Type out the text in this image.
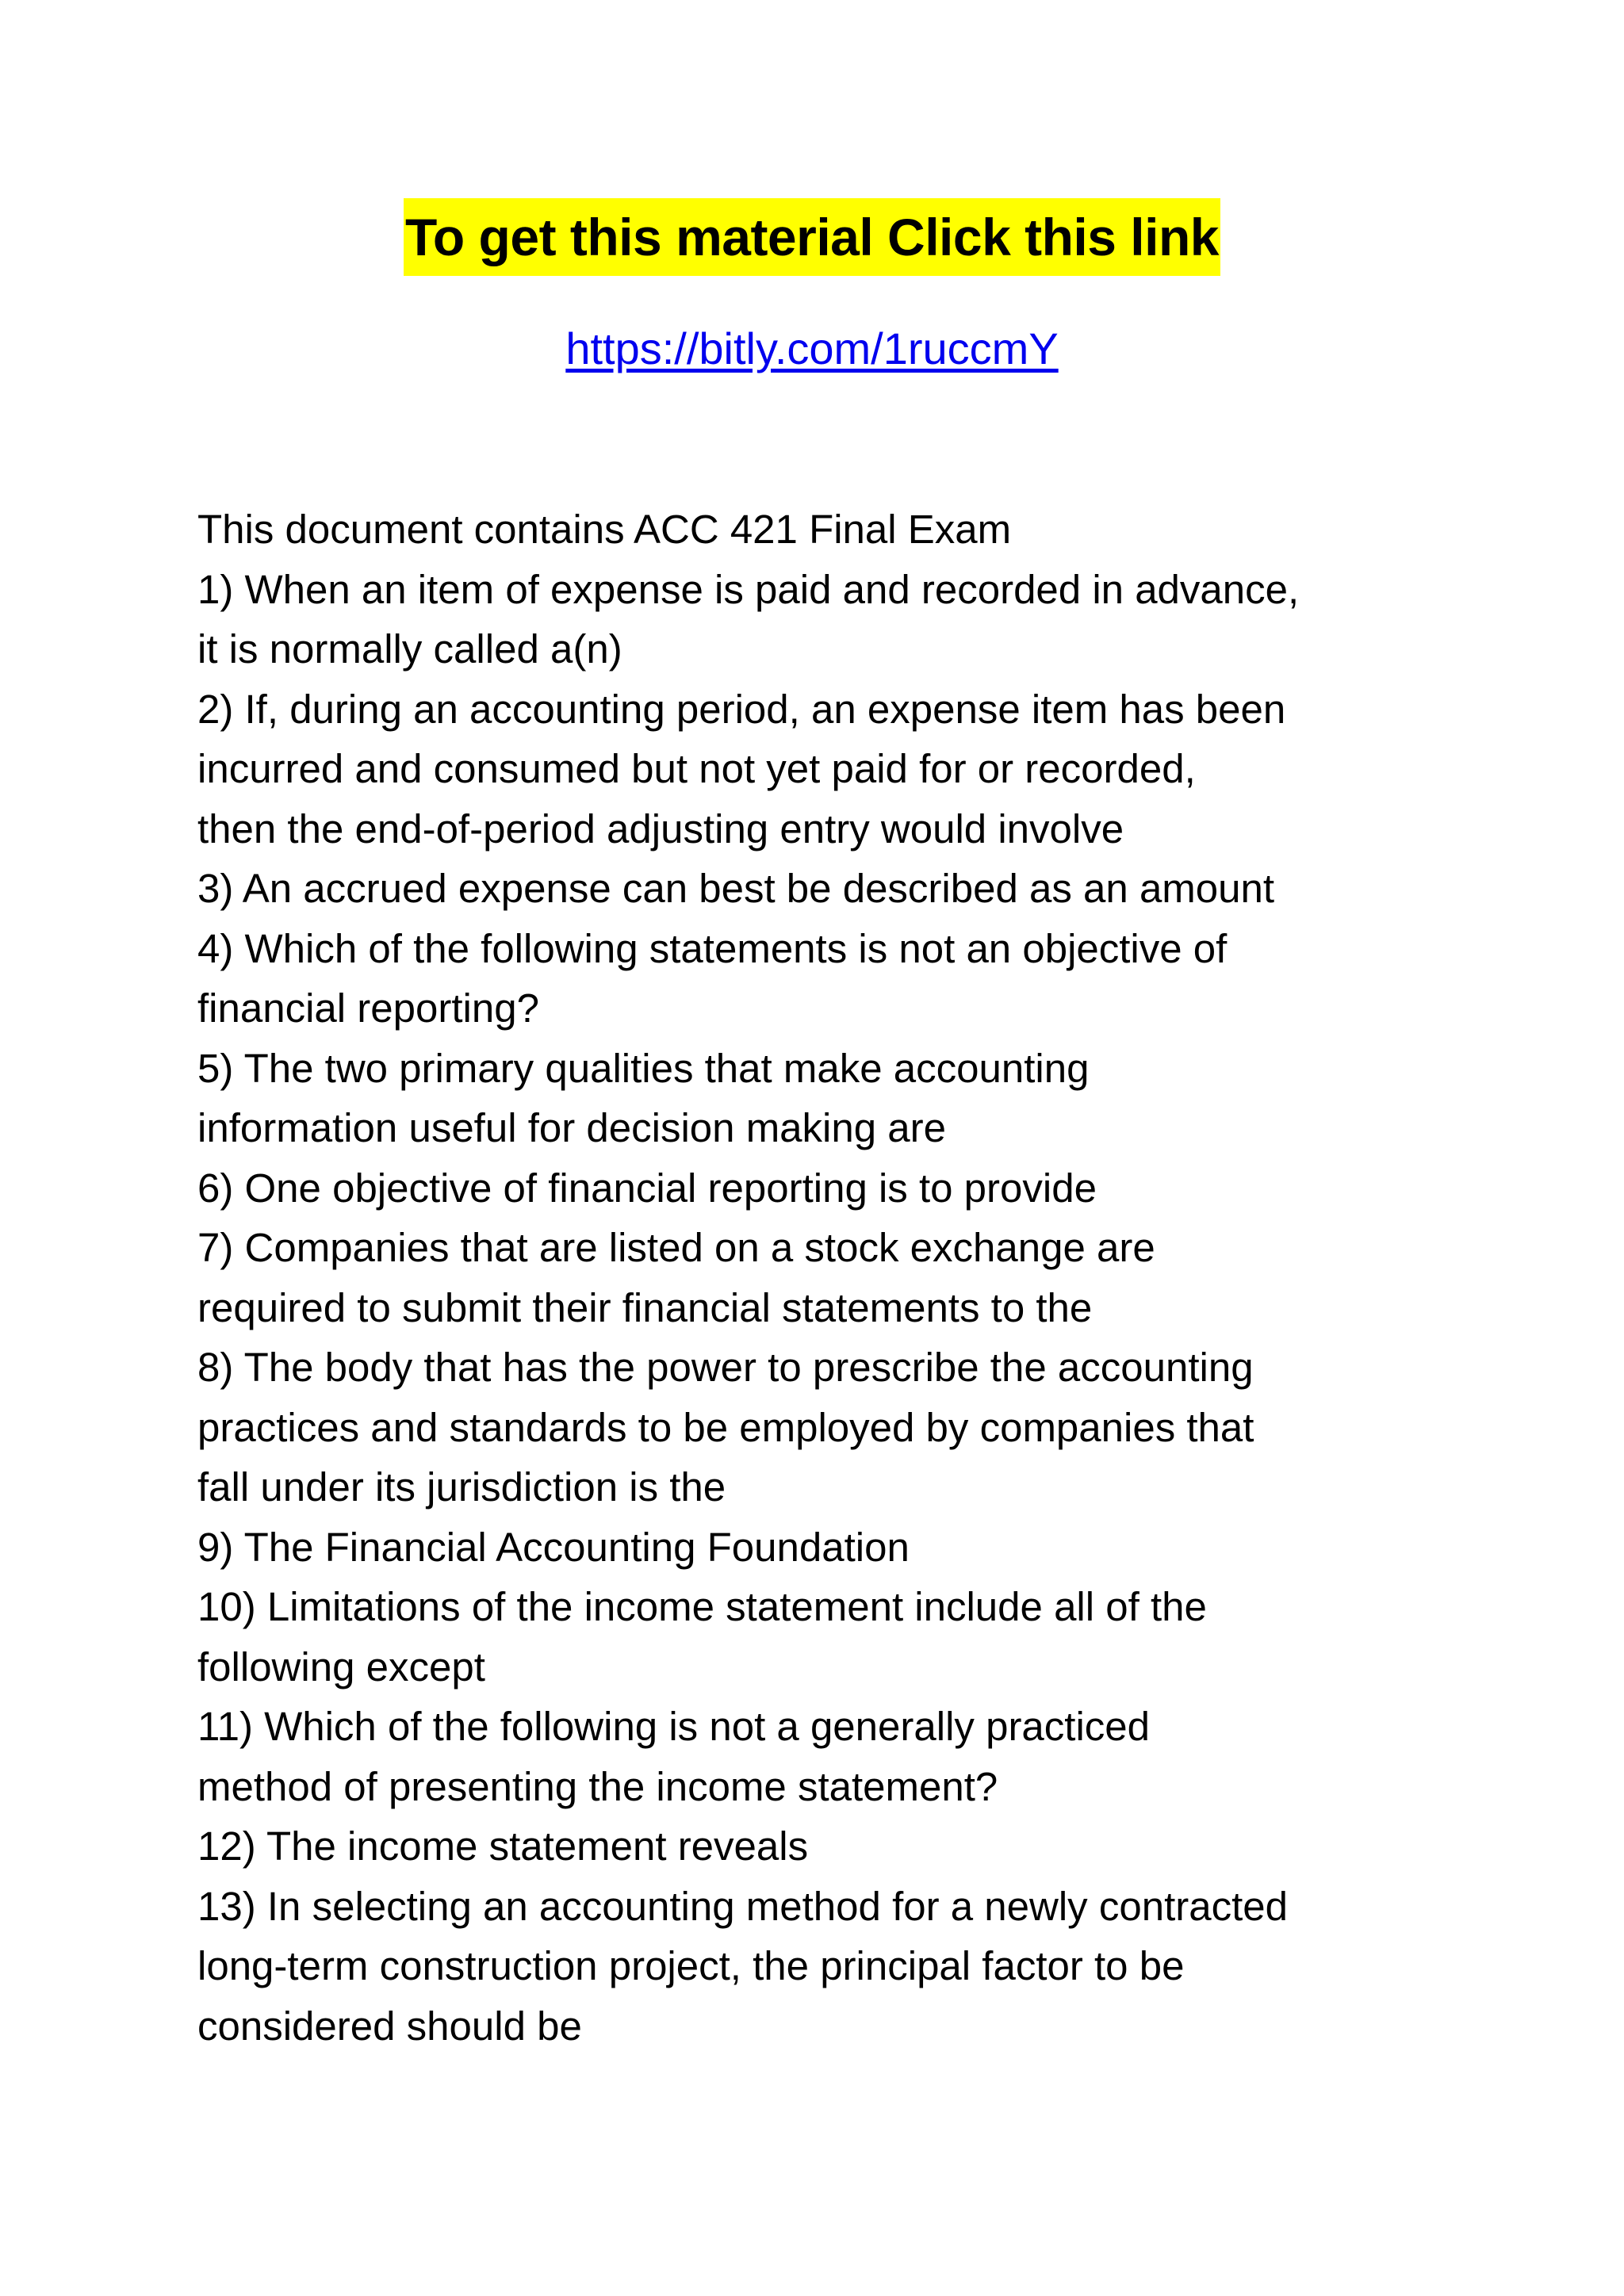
To get this material Click this link
https://bitly.com/1ruccmY
This document contains ACC 421 Final Exam
1) When an item of expense is paid and recorded in advance,
it is normally called a(n)
2) If, during an accounting period, an expense item has been
incurred and consumed but not yet paid for or recorded,
then the end-of-period adjusting entry would involve
3) An accrued expense can best be described as an amount
4) Which of the following statements is not an objective of
financial reporting?
5) The two primary qualities that make accounting
information useful for decision making are
6) One objective of financial reporting is to provide
7) Companies that are listed on a stock exchange are
required to submit their financial statements to the
8) The body that has the power to prescribe the accounting
practices and standards to be employed by companies that
fall under its jurisdiction is the
9) The Financial Accounting Foundation
10) Limitations of the income statement include all of the
following except
11) Which of the following is not a generally practiced
method of presenting the income statement?
12) The income statement reveals
13) In selecting an accounting method for a newly contracted
long-term construction project, the principal factor to be
considered should be
